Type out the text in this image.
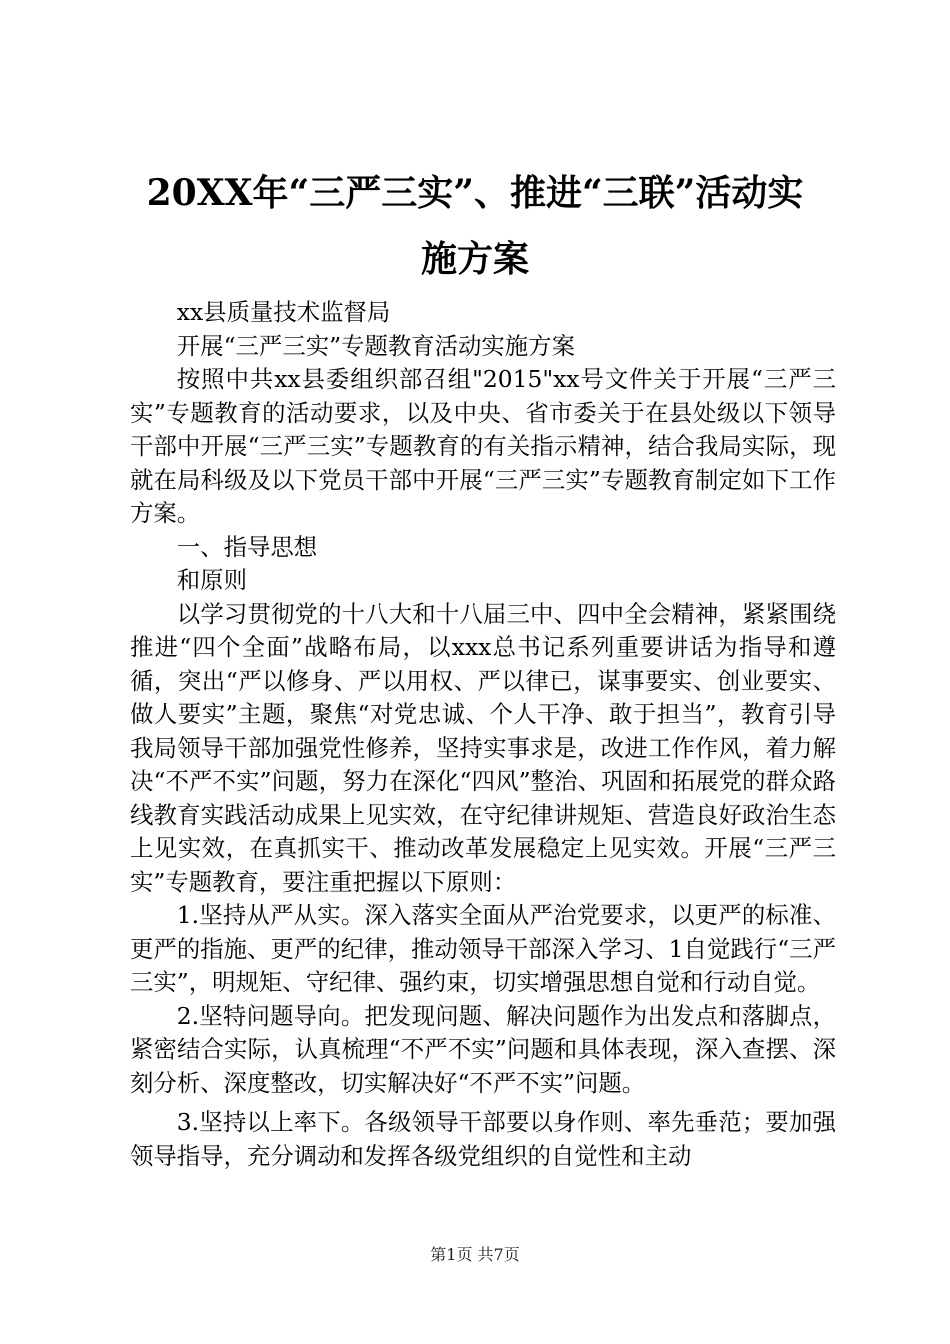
20XX年“三严三实”、推进“三联”活动实
施方案

xx县质量技术监督局

开展“三严三实”专题教育活动实施方案

按照中共xx县委组织部召组"2015"xx号文件关于开展“三严三实”专题教育的活动要求，以及中央、省市委关于在县处级以下领导干部中开展“三严三实”专题教育的有关指示精神，结合我局实际，现就在局科级及以下党员干部中开展“三严三实”专题教育制定如下工作方案。

一、指导思想

和原则

以学习贯彻党的十八大和十八届三中、四中全会精神，紧紧围绕推进“四个全面”战略布局，以xxx总书记系列重要讲话为指导和遵循，突出“严以修身、严以用权、严以律已，谋事要实、创业要实、做人要实”主题，聚焦“对党忠诚、个人干净、敢于担当”，教育引导我局领导干部加强党性修养，坚持实事求是，改进工作作风，着力解决“不严不实”问题，努力在深化“四风”整治、巩固和拓展党的群众路线教育实践活动成果上见实效，在守纪律讲规矩、营造良好政治生态上见实效，在真抓实干、推动改革发展稳定上见实效。开展“三严三实”专题教育，要注重把握以下原则：

1.坚持从严从实。深入落实全面从严治党要求，以更严的标准、更严的指施、更严的纪律，推动领导干部深入学习、1自觉践行“三严三实”，明规矩、守纪律、强约束，切实增强思想自觉和行动自觉。

2.坚特问题导向。把发现问题、解决问题作为出发点和落脚点，紧密结合实际，认真梳理“不严不实”问题和具体表现，深入查摆、深刻分析、深度整改，切实解决好“不严不实”问题。

3.坚持以上率下。各级领导干部要以身作则、率先垂范；要加强领导指导，充分调动和发挥各级党组织的自觉性和主动

第1页 共7页
